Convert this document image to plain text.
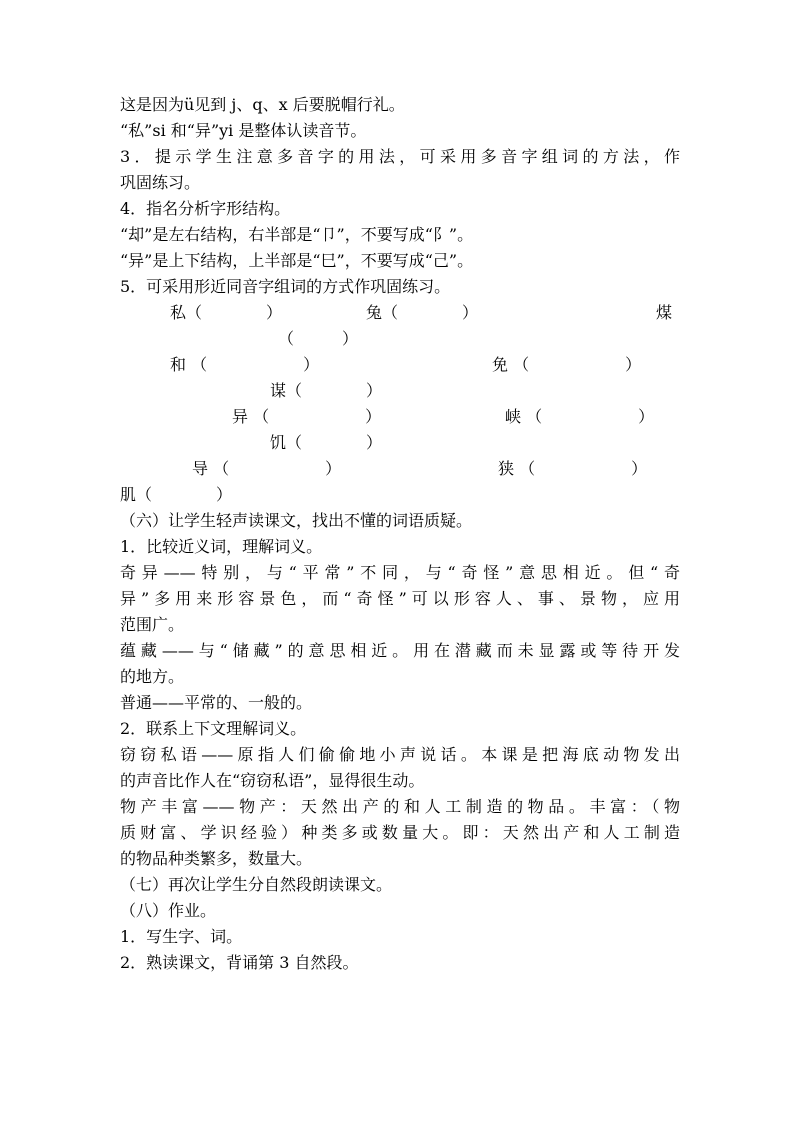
这是因为ü见到 j、q、x 后要脱帽行礼。
“私”si 和“异”yi 是整体认读音节。
3．提示学生注意多音字的用法，可采用多音字组词的方法，作
巩固练习。
4．指名分析字形结构。
“却”是左右结构，右半部是“卩”，不要写成“阝”。
“异”是上下结构，上半部是“巳”，不要写成“己”。
5．可采用形近同音字组词的方式作巩固练习。
私（　　　　）	兔（　　　　）	煤
（　　　）
和 （　　　　　　）	免 （　　　　　　）
谋（　　　　）
异 （　　　　　　）	峡 （　　　　　　）
饥（　　　　）
导 （　　　　　　）	狭 （　　　　　　）
肌（　　　　）
（六）让学生轻声读课文，找出不懂的词语质疑。
1．比较近义词，理解词义。
奇异——特别，与“平常”不同，与“奇怪”意思相近。但“奇
异”多用来形容景色，而“奇怪”可以形容人、事、景物，应用
范围广。
蕴藏——与“储藏”的意思相近。用在潜藏而未显露或等待开发
的地方。
普通——平常的、一般的。
2．联系上下文理解词义。
窃窃私语——原指人们偷偷地小声说话。本课是把海底动物发出
的声音比作人在“窃窃私语”，显得很生动。
物产丰富——物产：天然出产的和人工制造的物品。丰富：（物
质财富、学识经验）种类多或数量大。即：天然出产和人工制造
的物品种类繁多，数量大。
（七）再次让学生分自然段朗读课文。
（八）作业。
1．写生字、词。
2．熟读课文，背诵第 3 自然段。
